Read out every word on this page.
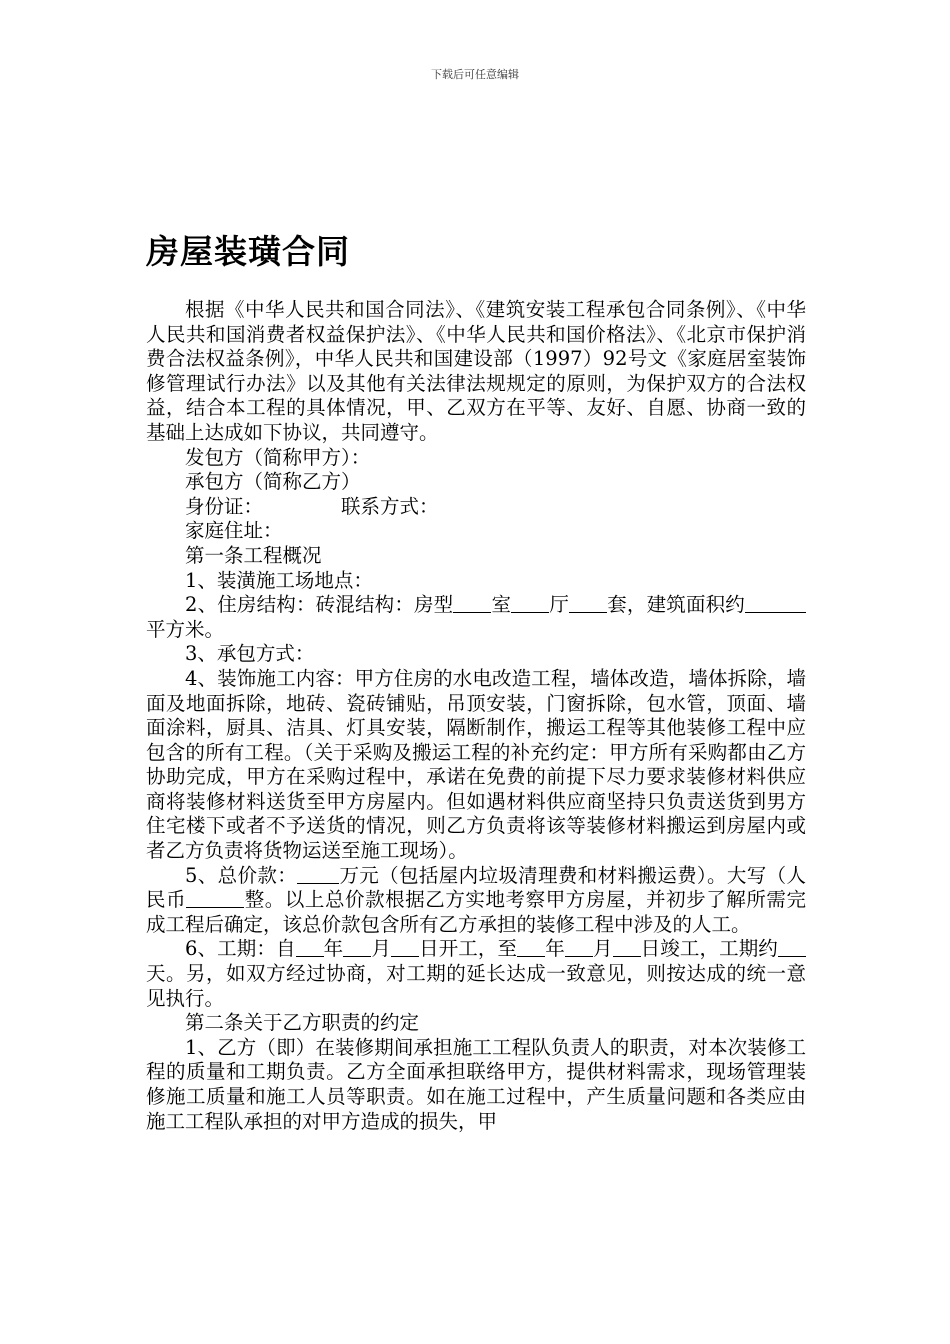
下载后可任意编辑
房屋装璜合同

根据《中华人民共和国合同法》、《建筑安装工程承包合同条例》、《中华人民共和国消费者权益保护法》、《中华人民共和国价格法》、《北京市保护消费合法权益条例》，中华人民共和国建设部（1997）92号文《家庭居室装饰修管理试行办法》以及其他有关法律法规规定的原则，为保护双方的合法权益，结合本工程的具体情况，甲、乙双方在平等、友好、自愿、协商一致的基础上达成如下协议，共同遵守。

发包方（简称甲方）：

承包方（简称乙方）

身份证：	联系方式：

家庭住址：

第一条工程概况

1、装潢施工场地点：

2、住房结构：砖混结构：房型 室 厅 套，建筑面积约平方米。

3、承包方式：

4、装饰施工内容：甲方住房的水电改造工程，墙体改造，墙体拆除，墙面及地面拆除，地砖、瓷砖铺贴，吊顶安装，门窗拆除，包水管，顶面、墙面涂料，厨具、洁具、灯具安装，隔断制作，搬运工程等其他装修工程中应包含的所有工程。（关于采购及搬运工程的补充约定：甲方所有采购都由乙方协助完成，甲方在采购过程中，承诺在免费的前提下尽力要求装修材料供应商将装修材料送货至甲方房屋内。但如遇材料供应商坚持只负责送货到男方住宅楼下或者不予送货的情况，则乙方负责将该等装修材料搬运到房屋内或者乙方负责将货物运送至施工现场）。

5、总价款： 万元（包括屋内垃圾清理费和材料搬运费）。大写（人民币	整。以上总价款根据乙方实地考察甲方房屋，并初步了解所需完成工程后确定，该总价款包含所有乙方承担的装修工程中涉及的人工。

6、工期：自 年 月 日开工，至 年 月 日竣工，工期约天。另，如双方经过协商，对工期的延长达成一致意见，则按达成的统一意见执行。

第二条关于乙方职责的约定

1、乙方（即）在装修期间承担施工工程队负责人的职责，对本次装修工程的质量和工期负责。乙方全面承担联络甲方，提供材料需求，现场管理装修施工质量和施工人员等职责。如在施工过程中，产生质量问题和各类应由施工工程队承担的对甲方造成的损失，甲
